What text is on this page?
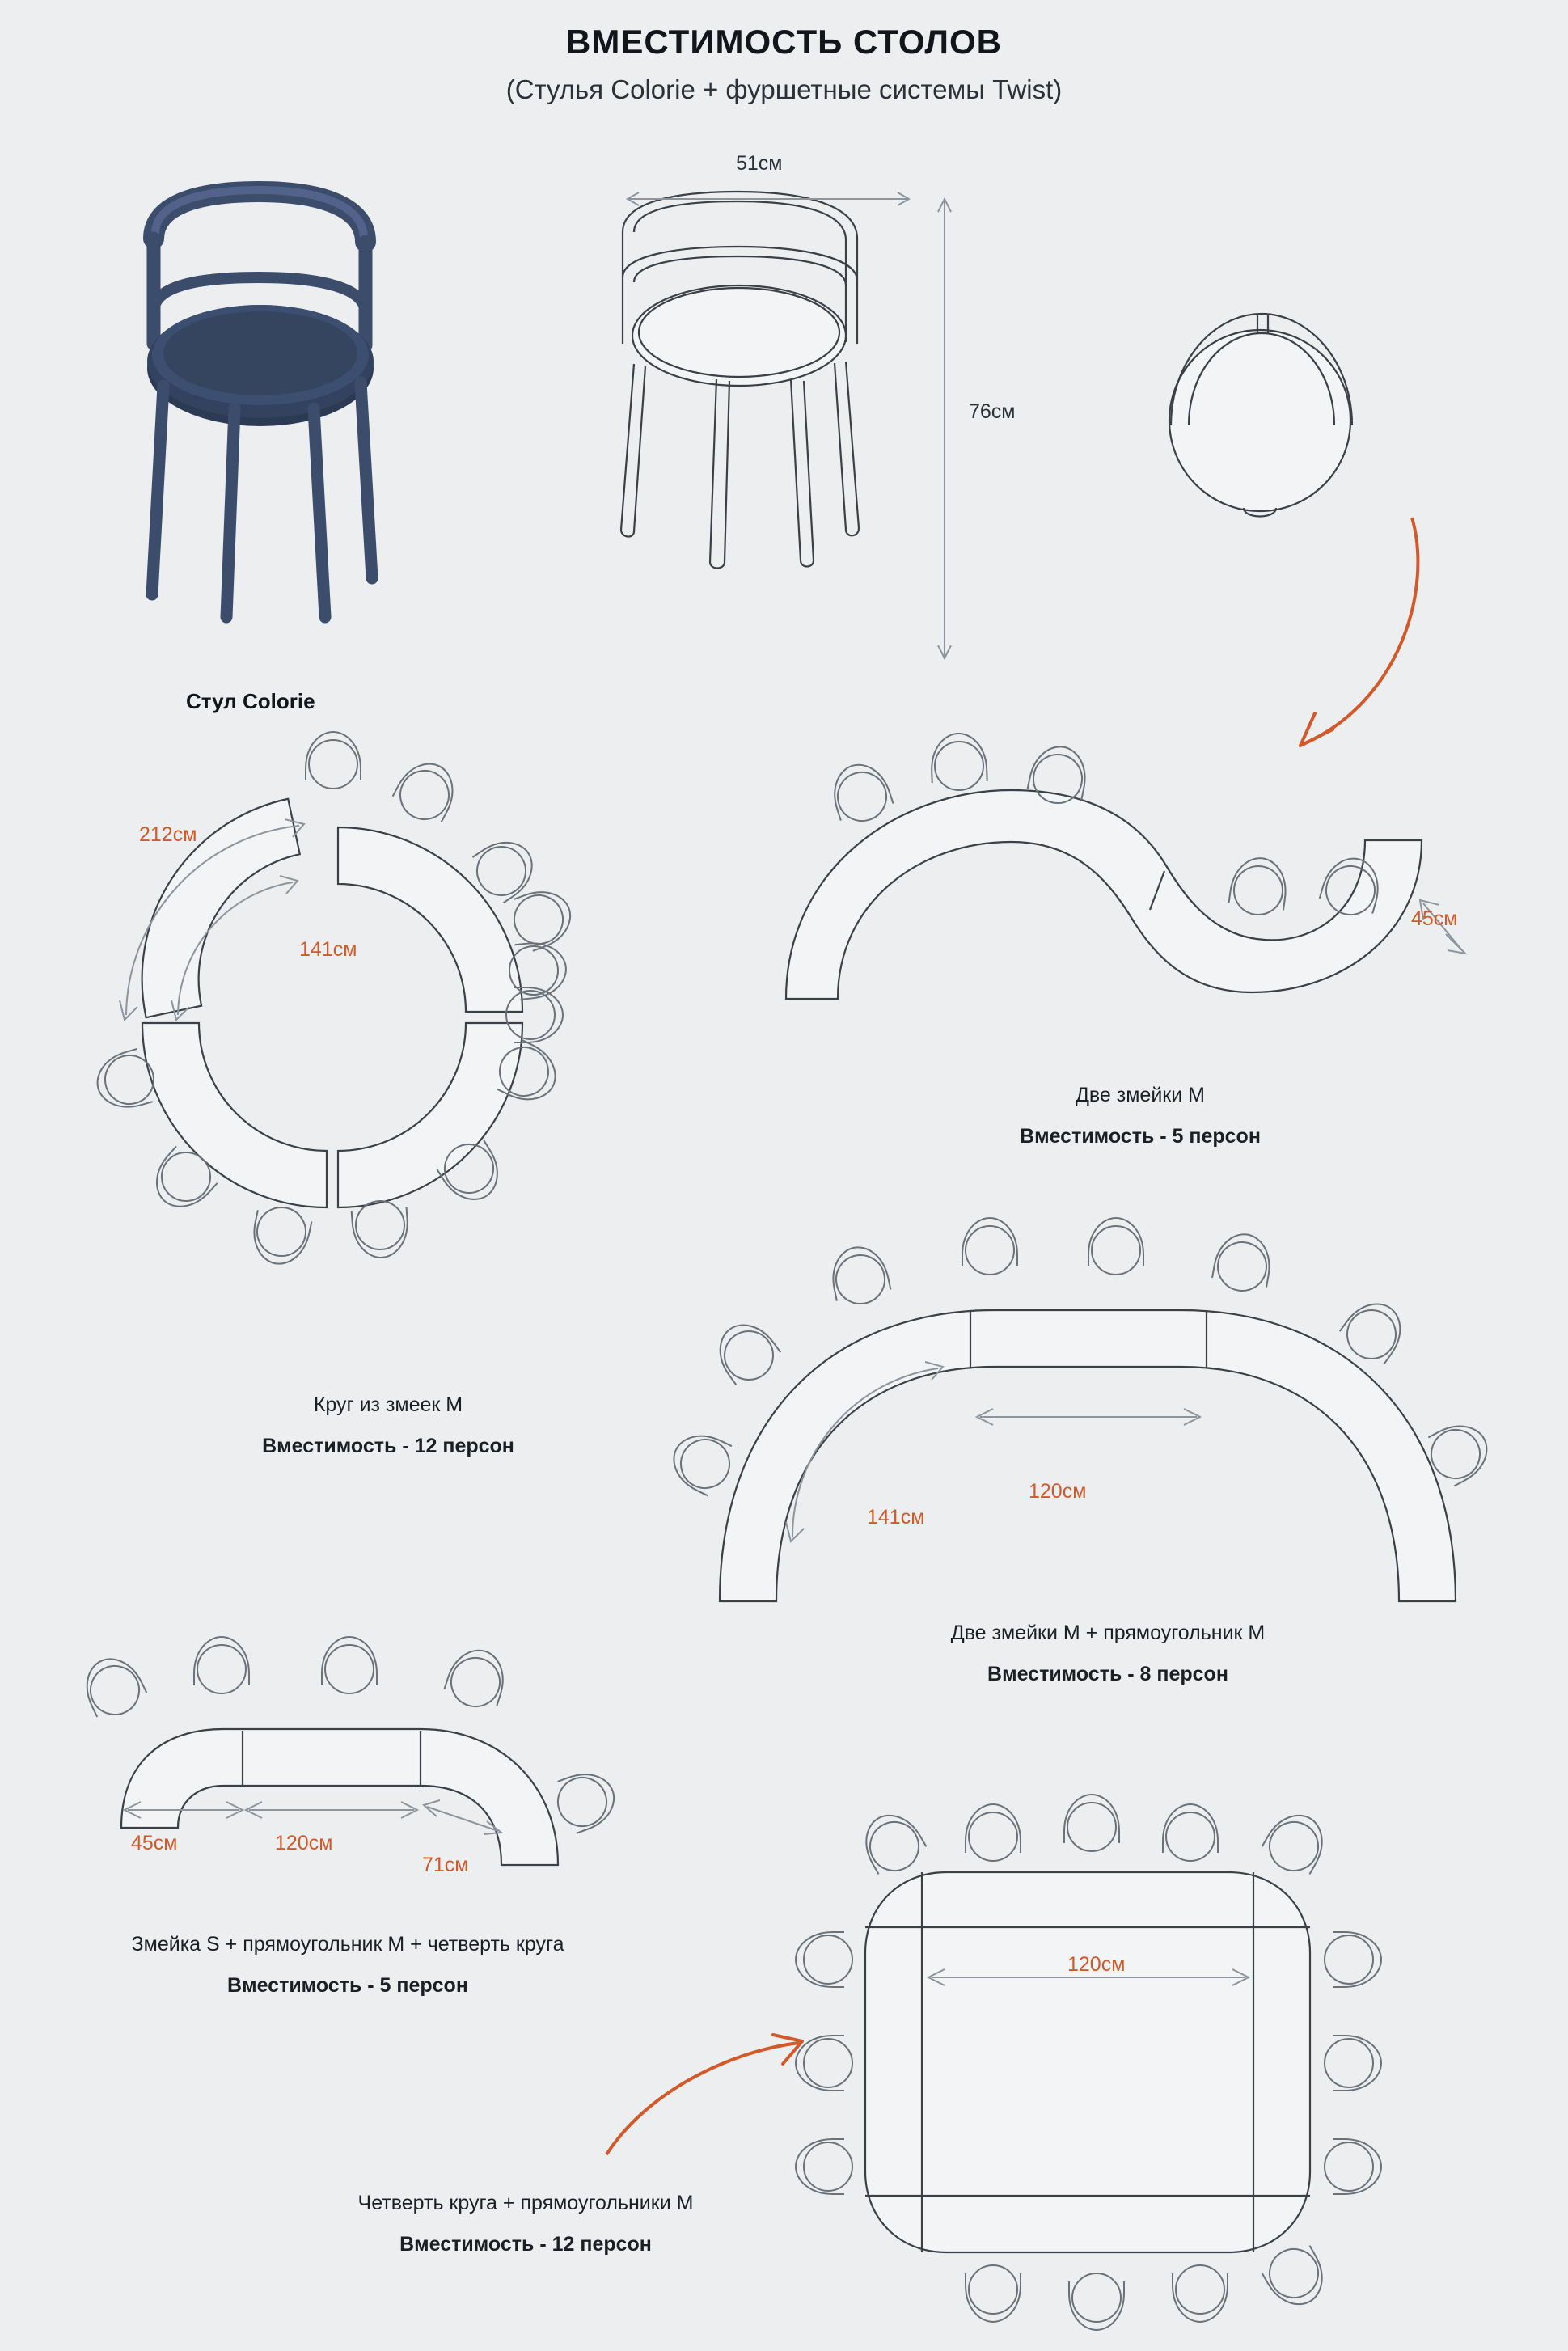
ВМЕСТИМОСТЬ СТОЛОВ
(Стулья Colorie + фуршетные системы Twist)
Стул Colorie
51см
76см
212см
141см
Круг из змеек М
Вместимость - 12 персон
45см
Две змейки М
Вместимость - 5 персон
120см
141см
Две змейки М + прямоугольник М
Вместимость - 8 персон
45см	120см
71см
Змейка S + прямоугольник М + четверть круга
Вместимость - 5 персон
120см
Четверть круга + прямоугольники М
Вместимость - 12 персон
